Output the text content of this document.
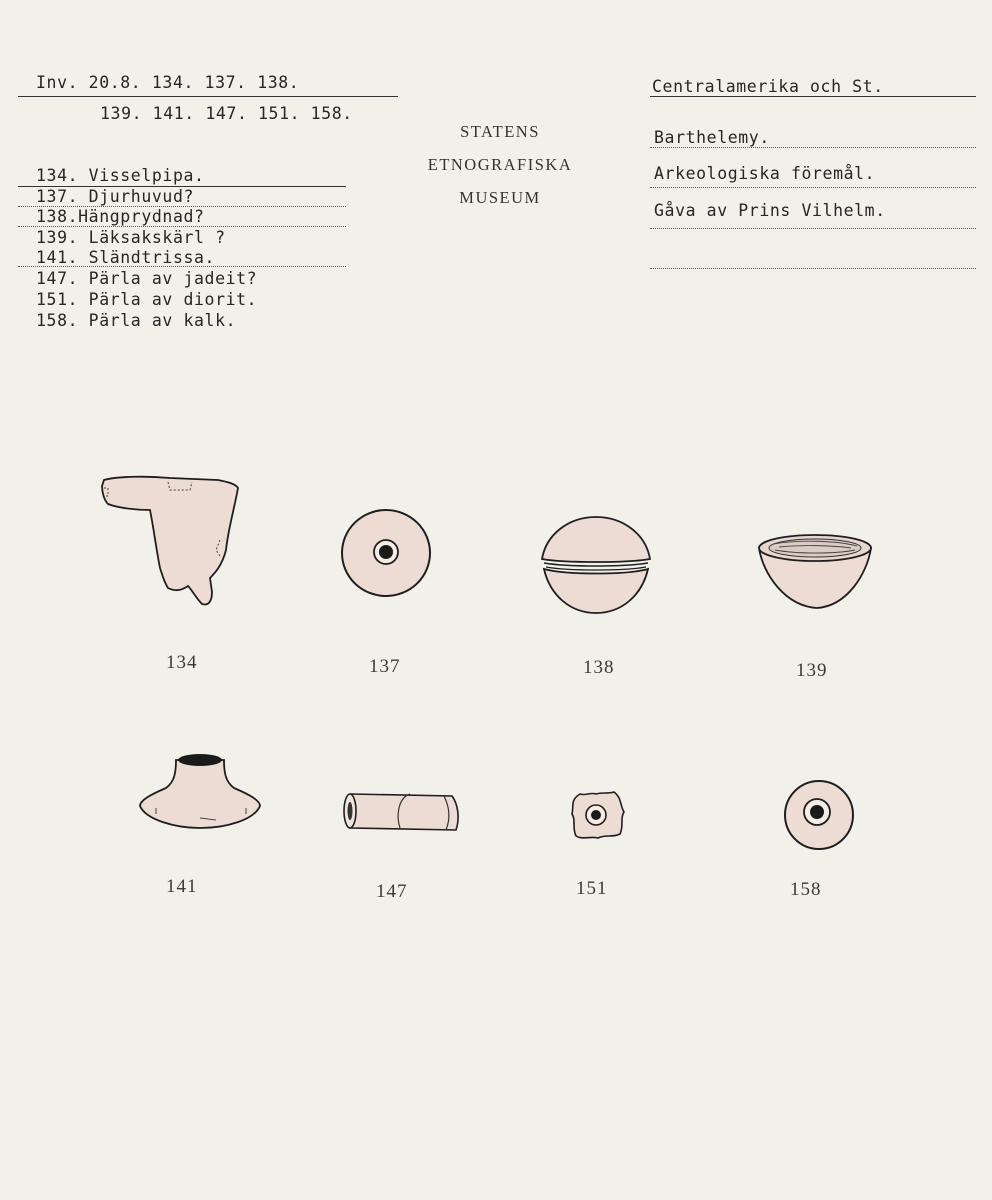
Inv. 20.8. 134. 137. 138.
139. 141. 147. 151. 158.
STATENS
ETNOGRAFISKA
MUSEUM
Centralamerika och St.
Barthelemy.
Arkeologiska föremål.
Gåva av Prins Vilhelm.
134. Visselpipa.
137. Djurhuvud?
138.Hängprydnad?
139. Läksakskärl ?
141. Sländtrissa.
147. Pärla av jadeit?
151. Pärla av diorit.
158. Pärla av kalk.
134	137	138	139
141	147	151	158
